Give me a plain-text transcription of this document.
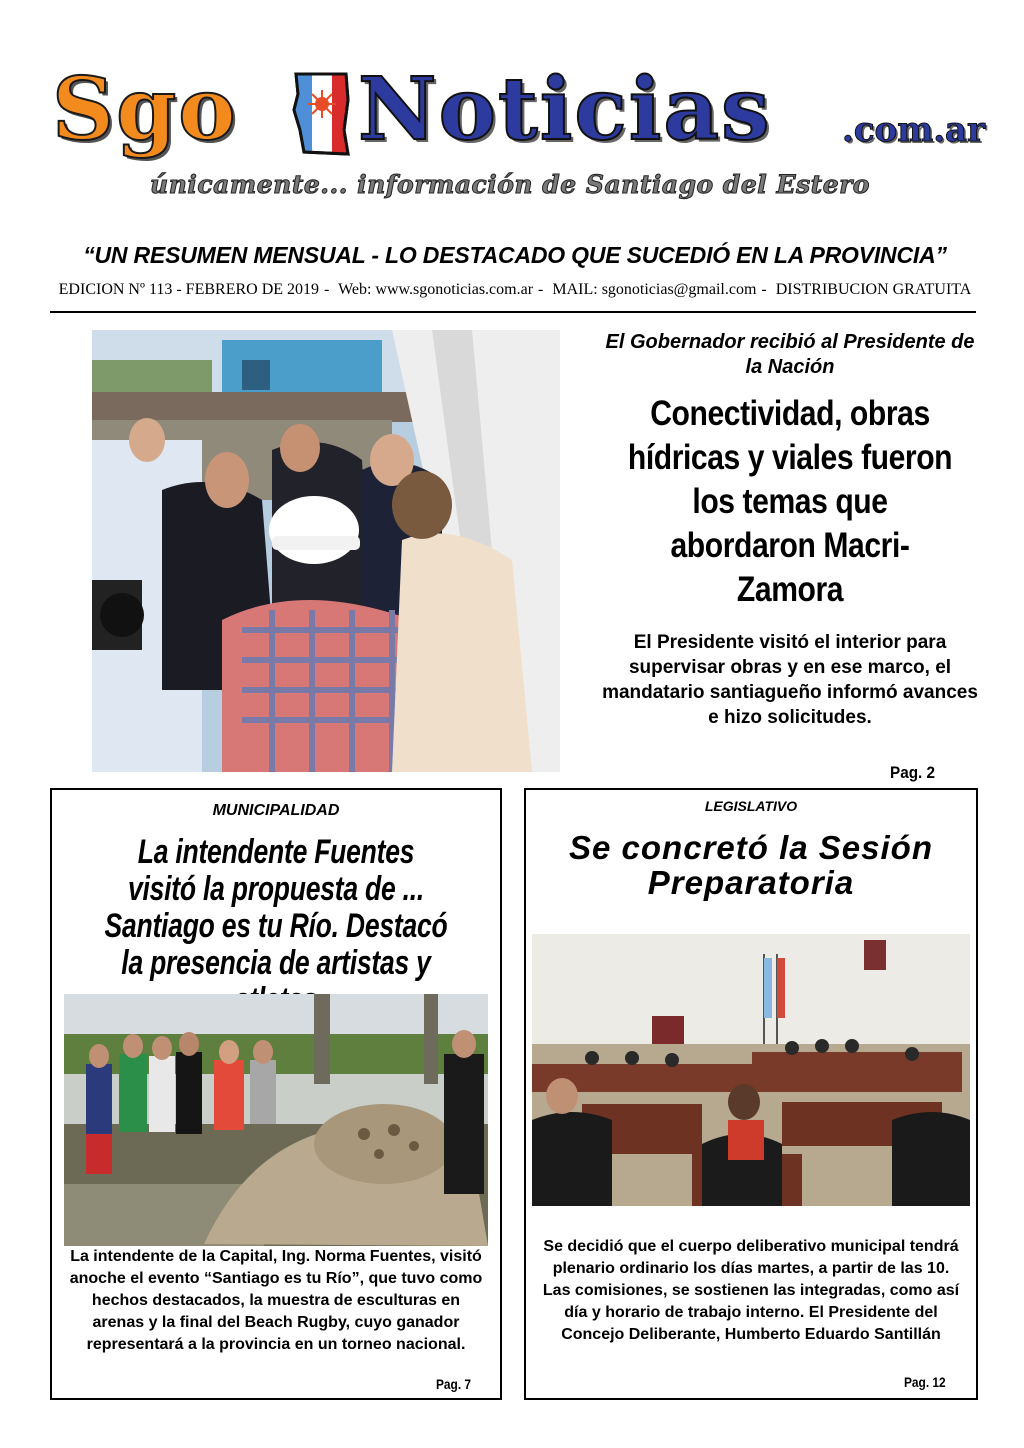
Sgo Noticias .com.ar
únicamente... información de Santiago del Estero
“UN RESUMEN MENSUAL - LO DESTACADO QUE SUCEDIÓ EN LA PROVINCIA”
EDICION Nº 113 - FEBRERO DE 2019 - Web: www.sgonoticias.com.ar - MAIL: sgonoticias@gmail.com - DISTRIBUCION GRATUITA
El Gobernador recibió al Presidente de la Nación
Conectividad, obras hídricas y viales fueron los temas que abordaron Macri-Zamora
El Presidente visitó el interior para supervisar obras y en ese marco, el mandatario santiagueño informó avances e hizo solicitudes.
Pag. 2
MUNICIPALIDAD
La intendente Fuentes visitó la propuesta de ... Santiago es tu Río. Destacó la presencia de artistas y
La intendente de la Capital, Ing. Norma Fuentes, visitó anoche el evento “Santiago es tu Río”, que tuvo como hechos destacados, la muestra de esculturas en arenas y la final del Beach Rugby, cuyo ganador representará a la provincia en un torneo nacional.
Pag. 7
LEGISLATIVO
Se concretó la Sesión Preparatoria
Se decidió que el cuerpo deliberativo municipal tendrá plenario ordinario los días martes, a partir de las 10. Las comisiones, se sostienen las integradas, como así día y horario de trabajo interno. El Presidente del Concejo Deliberante, Humberto Eduardo Santillán
Pag. 12
